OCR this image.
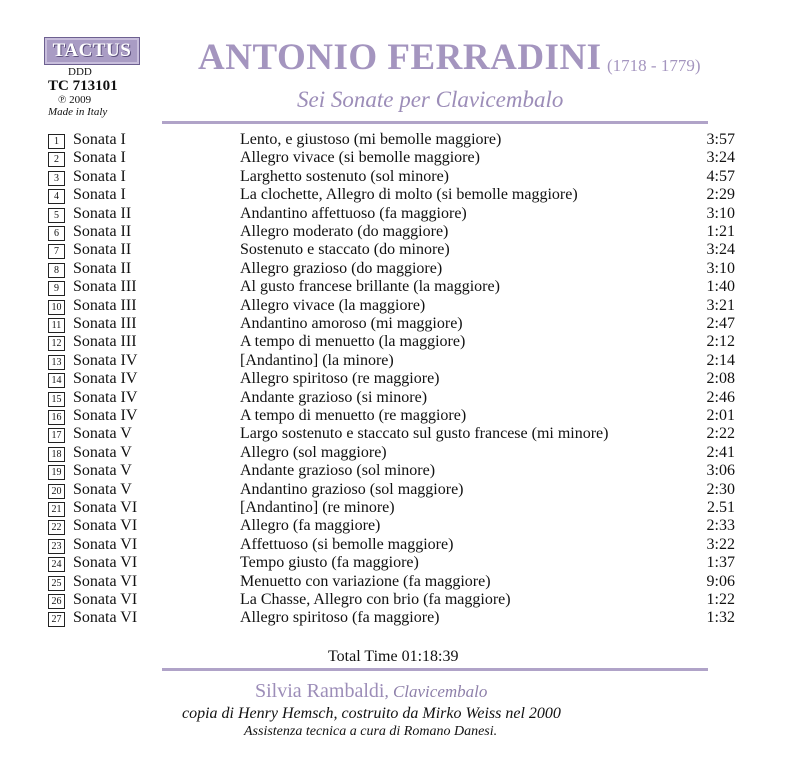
TACTUS
DDD
TC 713101
℗ 2009
Made in Italy
ANTONIO FERRADINI (1718 - 1779)
Sei Sonate per Clavicembalo
1 Sonata I	Lento, e giustoso (mi bemolle maggiore)	3:57
2 Sonata I	Allegro vivace (si bemolle maggiore)	3:24
3 Sonata I	Larghetto sostenuto (sol minore)	4:57
4 Sonata I	La clochette, Allegro di molto (si bemolle maggiore)	2:29
5 Sonata II	Andantino affettuoso (fa maggiore)	3:10
6 Sonata II	Allegro moderato (do maggiore)	1:21
7 Sonata II	Sostenuto e staccato (do minore)	3:24
8 Sonata II	Allegro grazioso (do maggiore)	3:10
9 Sonata III	Al gusto francese brillante (la maggiore)	1:40
10 Sonata III	Allegro vivace (la maggiore)	3:21
11 Sonata III	Andantino amoroso (mi maggiore)	2:47
12 Sonata III	A tempo di menuetto (la maggiore)	2:12
13 Sonata IV	[Andantino] (la minore)	2:14
14 Sonata IV	Allegro spiritoso (re maggiore)	2:08
15 Sonata IV	Andante grazioso (si minore)	2:46
16 Sonata IV	A tempo di menuetto (re maggiore)	2:01
17 Sonata V	Largo sostenuto e staccato sul gusto francese (mi minore)	2:22
18 Sonata V	Allegro (sol maggiore)	2:41
19 Sonata V	Andante grazioso (sol minore)	3:06
20 Sonata V	Andantino grazioso (sol maggiore)	2:30
21 Sonata VI	[Andantino] (re minore)	2.51
22 Sonata VI	Allegro (fa maggiore)	2:33
23 Sonata VI	Affettuoso (si bemolle maggiore)	3:22
24 Sonata VI	Tempo giusto (fa maggiore)	1:37
25 Sonata VI	Menuetto con variazione (fa maggiore)	9:06
26 Sonata VI	La Chasse, Allegro con brio (fa maggiore)	1:22
27 Sonata VI	Allegro spiritoso (fa maggiore)	1:32
Total Time 01:18:39
Silvia Rambaldi, Clavicembalo
copia di Henry Hemsch, costruito da Mirko Weiss nel 2000
Assistenza tecnica a cura di Romano Danesi.
